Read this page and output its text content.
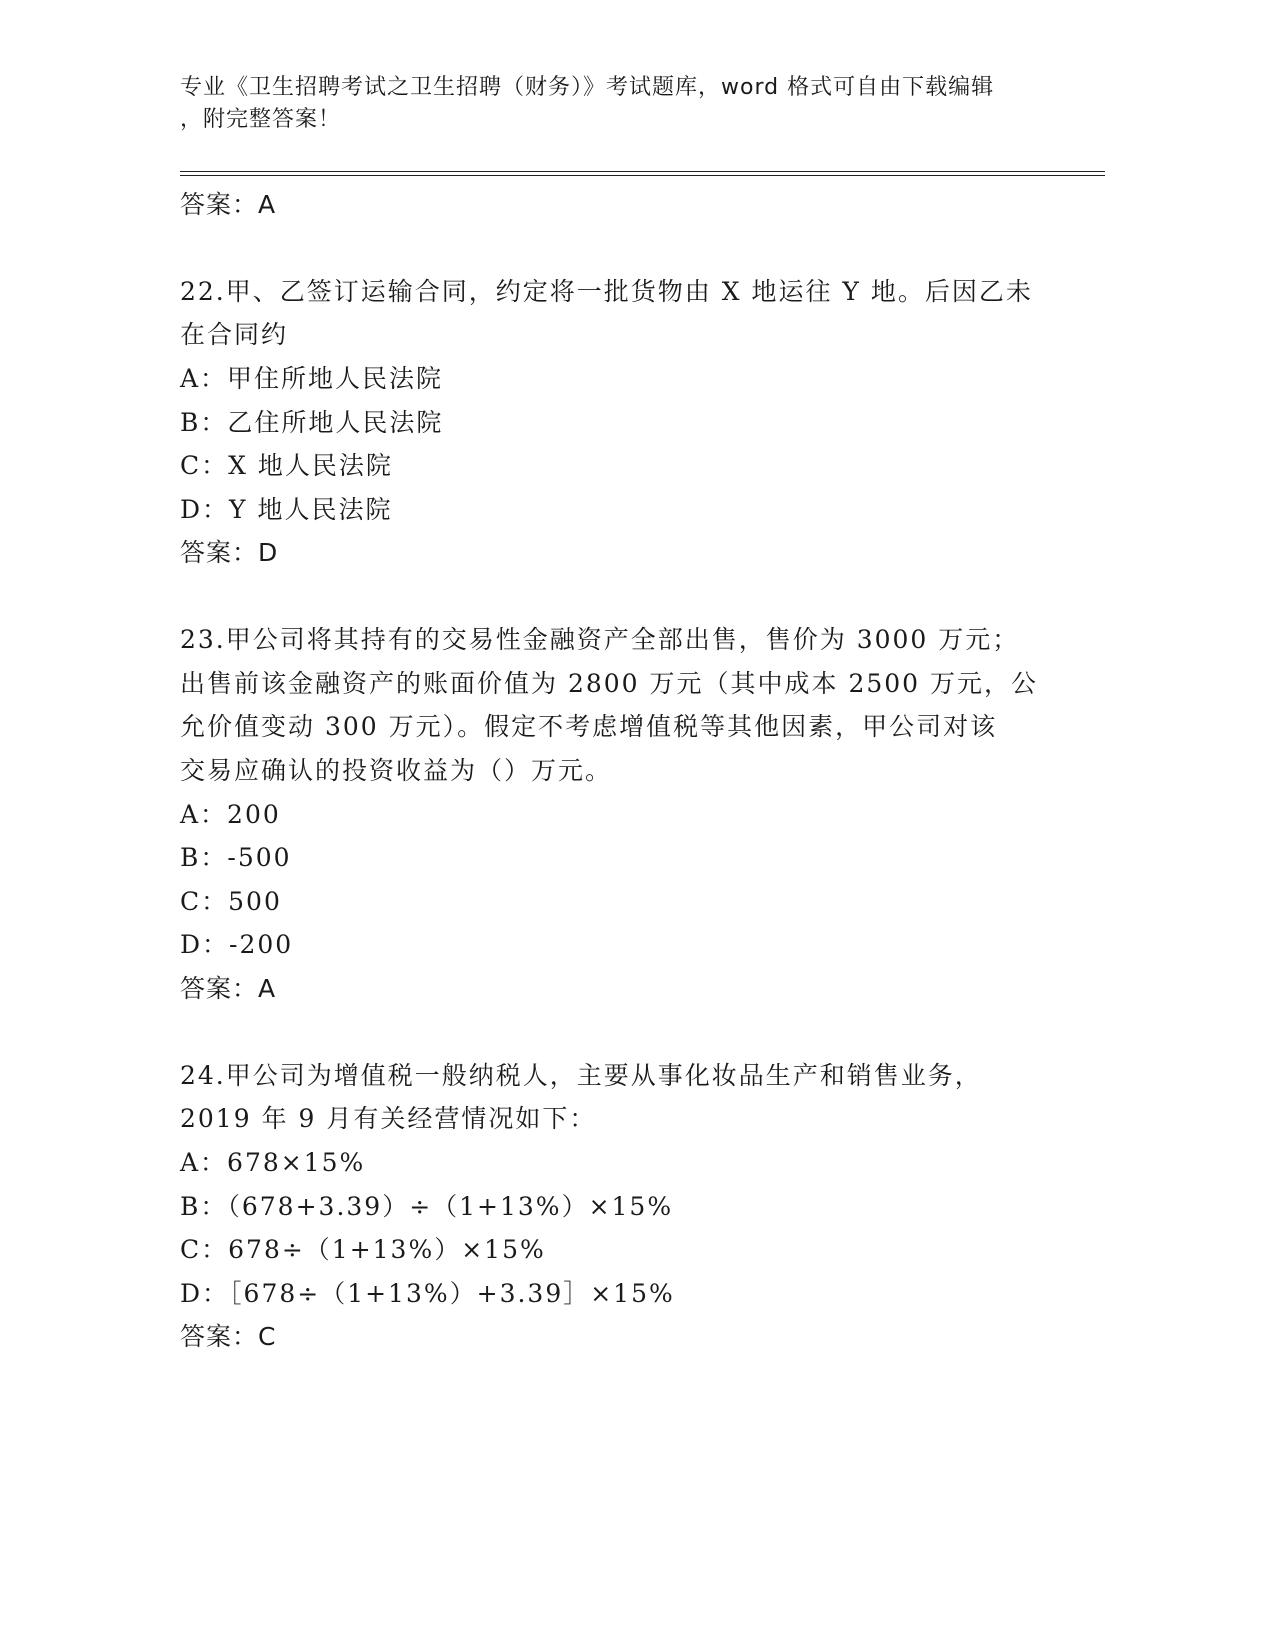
专业《卫生招聘考试之卫生招聘（财务）》考试题库，word 格式可自由下载编辑
，附完整答案！
答案：A
22.甲、乙签订运输合同，约定将一批货物由 X 地运往 Y 地。后因乙未
在合同约
A：甲住所地人民法院
B：乙住所地人民法院
C：X 地人民法院
D：Y 地人民法院
答案：D
23.甲公司将其持有的交易性金融资产全部出售，售价为 3000 万元；
出售前该金融资产的账面价值为 2800 万元（其中成本 2500 万元，公
允价值变动 300 万元）。假定不考虑增值税等其他因素，甲公司对该
交易应确认的投资收益为（）万元。
A：200
B：-500
C：500
D：-200
答案：A
24.甲公司为增值税一般纳税人，主要从事化妆品生产和销售业务，
2019 年 9 月有关经营情况如下：
A：678×15%
B：（678+3.39）÷（1+13%）×15%
C：678÷（1+13%）×15%
D：［678÷（1+13%）+3.39］×15%
答案：C
